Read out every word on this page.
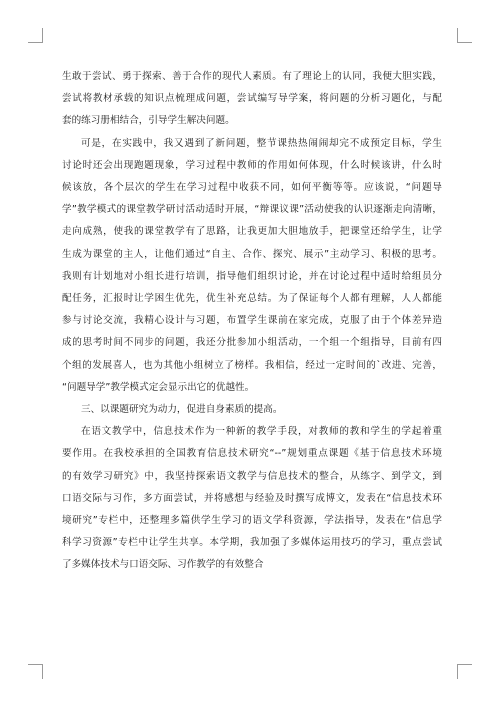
生敢于尝试、勇于探索、善于合作的现代人素质。有了理论上的认同，我便大胆实践，
尝试将教材承载的知识点梳理成问题，尝试编写导学案，将问题的分析习题化，与配
套的练习册相结合，引导学生解决问题。

可是，在实践中，我又遇到了新问题，整节课热热闹闹却完不成预定目标，学生
讨论时还会出现跑题现象，学习过程中教师的作用如何体现，什么时候该讲，什么时
候该放，各个层次的学生在学习过程中收获不同，如何平衡等等。应该说，“问题导
学”教学模式的课堂教学研讨活动适时开展，“辩课议课”活动使我的认识逐渐走向清晰，
走向成熟，使我的课堂教学有了思路，让我更加大胆地放手，把课堂还给学生，让学
生成为课堂的主人，让他们通过“自主、合作、探究、展示”主动学习、积极的思考。
我则有计划地对小组长进行培训，指导他们组织讨论，并在讨论过程中适时给组员分
配任务，汇报时让学困生优先，优生补充总结。为了保证每个人都有理解，人人都能
参与讨论交流，我精心设计与习题，布置学生课前在家完成，克服了由于个体差异造
成的思考时间不同步的问题，我还分批参加小组活动，一个组一个组指导，目前有四
个组的发展喜人，也为其他小组树立了榜样。我相信，经过一定时间的`改进、完善，
“问题导学”教学模式定会显示出它的优越性。

三、以课题研究为动力，促进自身素质的提高。

在语文教学中，信息技术作为一种新的教学手段，对教师的教和学生的学起着重
要作用。在我校承担的全国教育信息技术研究“--”规划重点课题《基于信息技术环境
的有效学习研究》中，我坚持探索语文教学与信息技术的整合，从练字、到学文，到
口语交际与习作，多方面尝试，并将感想与经验及时撰写成博文，发表在“信息技术环
境研究”专栏中，还整理多篇供学生学习的语文学科资源，学法指导，发表在“信息学
科学习资源”专栏中让学生共享。本学期，我加强了多媒体运用技巧的学习，重点尝试
了多媒体技术与口语交际、习作教学的有效整合
